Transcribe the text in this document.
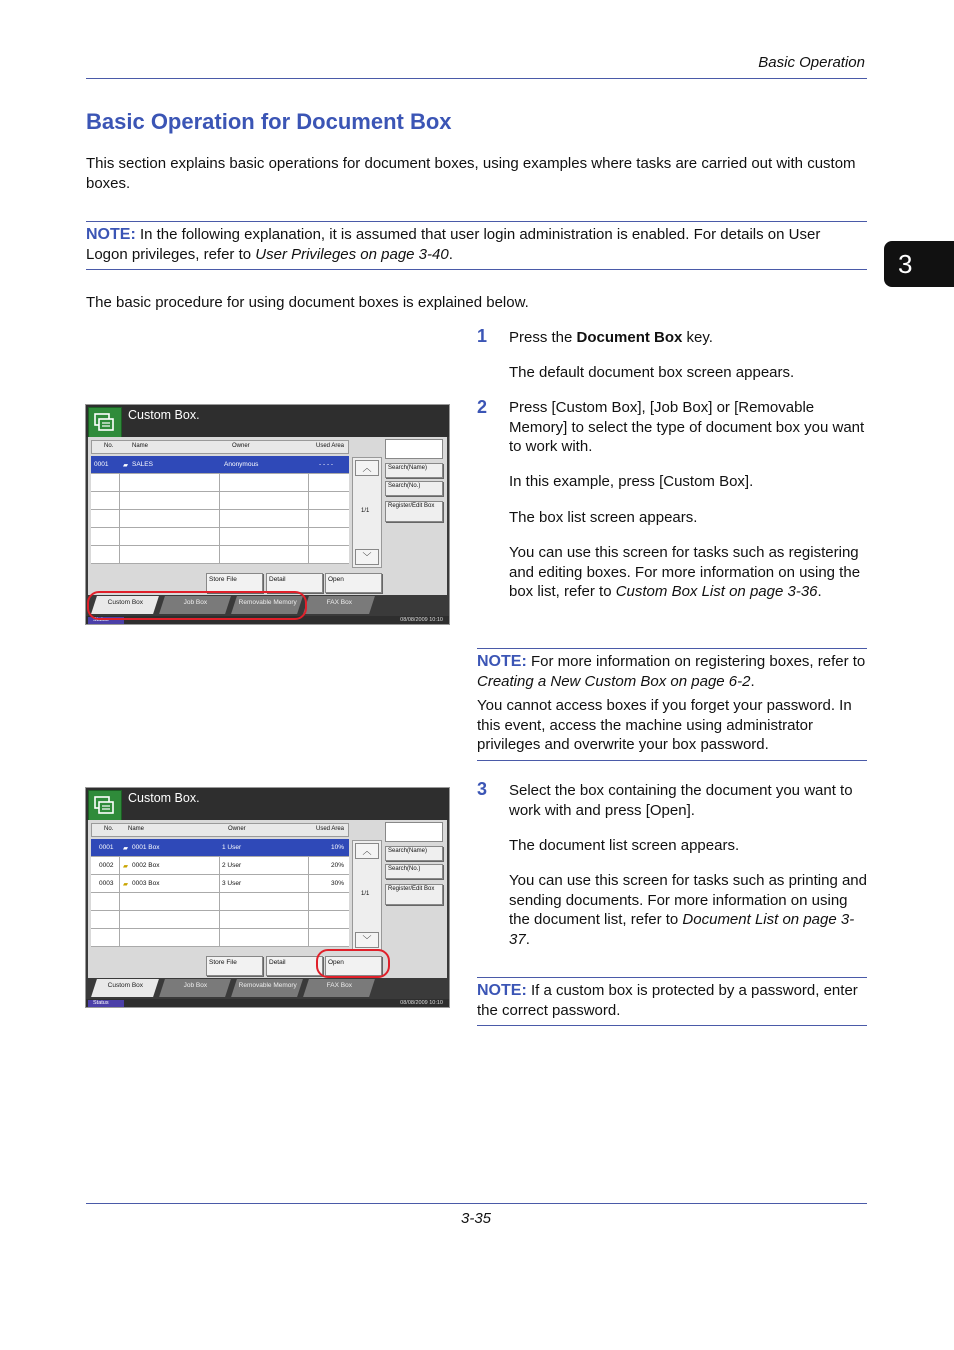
Basic Operation
3
Basic Operation for Document Box
This section explains basic operations for document boxes, using examples where tasks are carried out with custom boxes.
NOTE: In the following explanation, it is assumed that user login administration is enabled. For details on User Logon privileges, refer to User Privileges on page 3-40.
The basic procedure for using document boxes is explained below.
1 Press the Document Box key.
The default document box screen appears.
2 Press [Custom Box], [Job Box] or [Removable Memory] to select the type of document box you want to work with.
In this example, press [Custom Box].
The box list screen appears.
You can use this screen for tasks such as registering and editing boxes. For more information on using the box list, refer to Custom Box List on page 3-36.
NOTE: For more information on registering boxes, refer to Creating a New Custom Box on page 6-2.
You cannot access boxes if you forget your password. In this event, access the machine using administrator privileges and overwrite your box password.
3 Select the box containing the document you want to work with and press [Open].
The document list screen appears.
You can use this screen for tasks such as printing and sending documents. For more information on using the document list, refer to Document List on page 3-37.
NOTE: If a custom box is protected by a password, enter the correct password.
Custom Box.
No.	Name	Owner	Used Area
0001 ▰ SALES	Anonymous	- - - -	︿
1/1
﹀
Search(Name)
Search(No.)
Register/Edit Box
Store File	Detail	Open
Custom Box	Job Box	Removable Memory	FAX Box
Status	08/08/2009 10:10
Custom Box.
No. Name	Owner	Used Area
0001 ▰ 0001 Box	1 User	10%
0002 ▰ 0002 Box	2 User	20%
0003 ▰ 0003 Box	3 User	30%
︿
1/1
﹀
Search(Name)
Search(No.)
Register/Edit Box
Store File	Detail	Open
Custom Box	Job Box	Removable Memory	FAX Box
Status	08/08/2009 10:10
3-35
